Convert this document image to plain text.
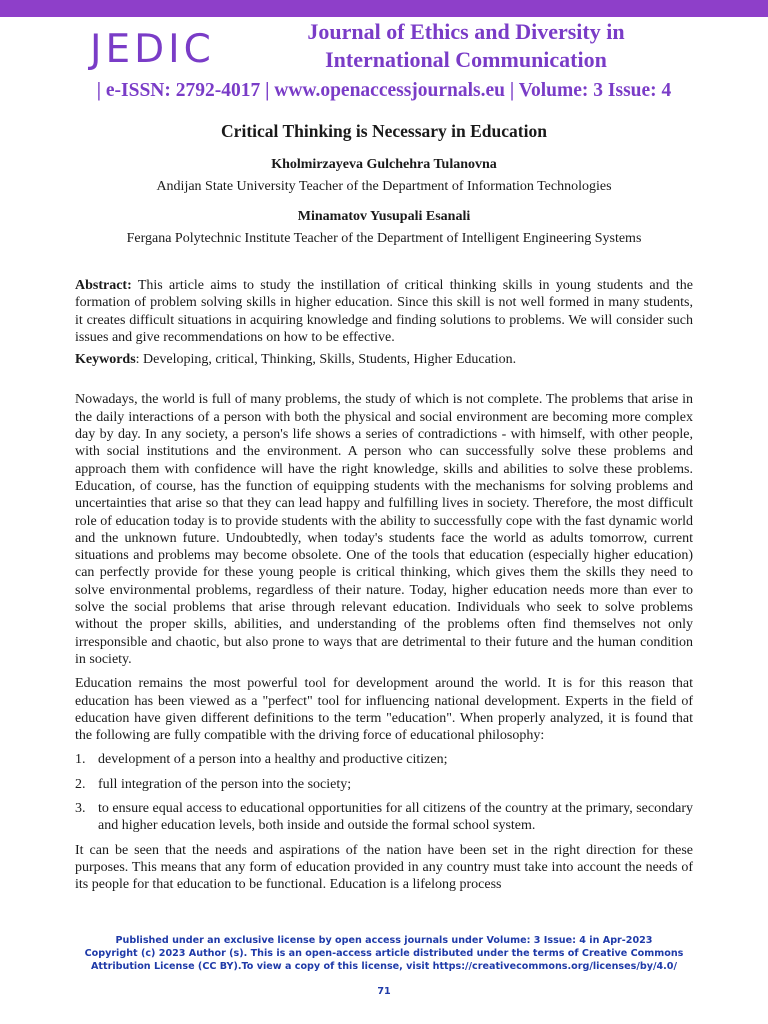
JEDIC	Journal of Ethics and Diversity in International Communication
| e-ISSN: 2792-4017 | www.openaccessjournals.eu | Volume: 3 Issue: 4
Critical Thinking is Necessary in Education
Kholmirzayeva Gulchehra Tulanovna
Andijan State University Teacher of the Department of Information Technologies
Minamatov Yusupali Esanali
Fergana Polytechnic Institute Teacher of the Department of Intelligent Engineering Systems

Abstract: This article aims to study the instillation of critical thinking skills in young students and the formation of problem solving skills in higher education. Since this skill is not well formed in many students, it creates difficult situations in acquiring knowledge and finding solutions to problems. We will consider such issues and give recommendations on how to be effective.

Keywords: Developing, critical, Thinking, Skills, Students, Higher Education.

Nowadays, the world is full of many problems, the study of which is not complete. The problems that arise in the daily interactions of a person with both the physical and social environment are becoming more complex day by day. In any society, a person's life shows a series of contradictions - with himself, with other people, with social institutions and the environment. A person who can successfully solve these problems and approach them with confidence will have the right knowledge, skills and abilities to solve these problems. Education, of course, has the function of equipping students with the mechanisms for solving problems and uncertainties that arise so that they can lead happy and fulfilling lives in society. Therefore, the most difficult role of education today is to provide students with the ability to successfully cope with the fast dynamic world and the unknown future. Undoubtedly, when today's students face the world as adults tomorrow, current situations and problems may become obsolete. One of the tools that education (especially higher education) can perfectly provide for these young people is critical thinking, which gives them the skills they need to solve environmental problems, regardless of their nature. Today, higher education needs more than ever to solve the social problems that arise through relevant education. Individuals who seek to solve problems without the proper skills, abilities, and understanding of the problems often find themselves not only irresponsible and chaotic, but also prone to ways that are detrimental to their future and the human condition in society.

Education remains the most powerful tool for development around the world. It is for this reason that education has been viewed as a "perfect" tool for influencing national development. Experts in the field of education have given different definitions to the term "education". When properly analyzed, it is found that the following are fully compatible with the driving force of educational philosophy:

1. development of a person into a healthy and productive citizen;
2. full integration of the person into the society;
3. to ensure equal access to educational opportunities for all citizens of the country at the primary, secondary and higher education levels, both inside and outside the formal school system.

It can be seen that the needs and aspirations of the nation have been set in the right direction for these purposes. This means that any form of education provided in any country must take into account the needs of its people for that education to be functional. Education is a lifelong process

Published under an exclusive license by open access journals under Volume: 3 Issue: 4 in Apr-2023
Copyright (c) 2023 Author (s). This is an open-access article distributed under the terms of Creative Commons Attribution License (CC BY).To view a copy of this license, visit https://creativecommons.org/licenses/by/4.0/
71
